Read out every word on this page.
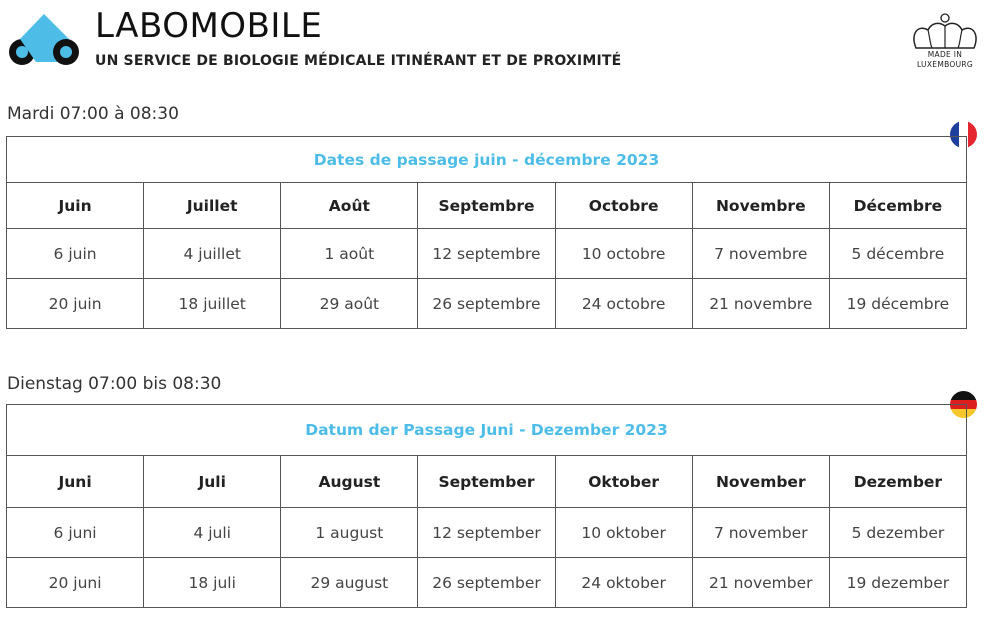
LABOMOBILE
UN SERVICE DE BIOLOGIE MÉDICALE ITINÉRANT ET DE PROXIMITÉ	MADE IN
LUXEMBOURG
Mardi 07:00 à 08:30
Dates de passage juin - décembre 2023						
Juin	Juillet	Août	Septembre	Octobre	Novembre	Décembre
6 juin	4 juillet	1 août	12 septembre	10 octobre	7 novembre	5 décembre
20 juin	18 juillet	29 août	26 septembre	24 octobre	21 novembre	19 décembre
Dienstag 07:00 bis 08:30
Datum der Passage Juni - Dezember 2023						
Juni	Juli	August	September	Oktober	November	Dezember
6 juni	4 juli	1 august	12 september	10 oktober	7 november	5 dezember
20 juni	18 juli	29 august	26 september	24 oktober	21 november	19 dezember
